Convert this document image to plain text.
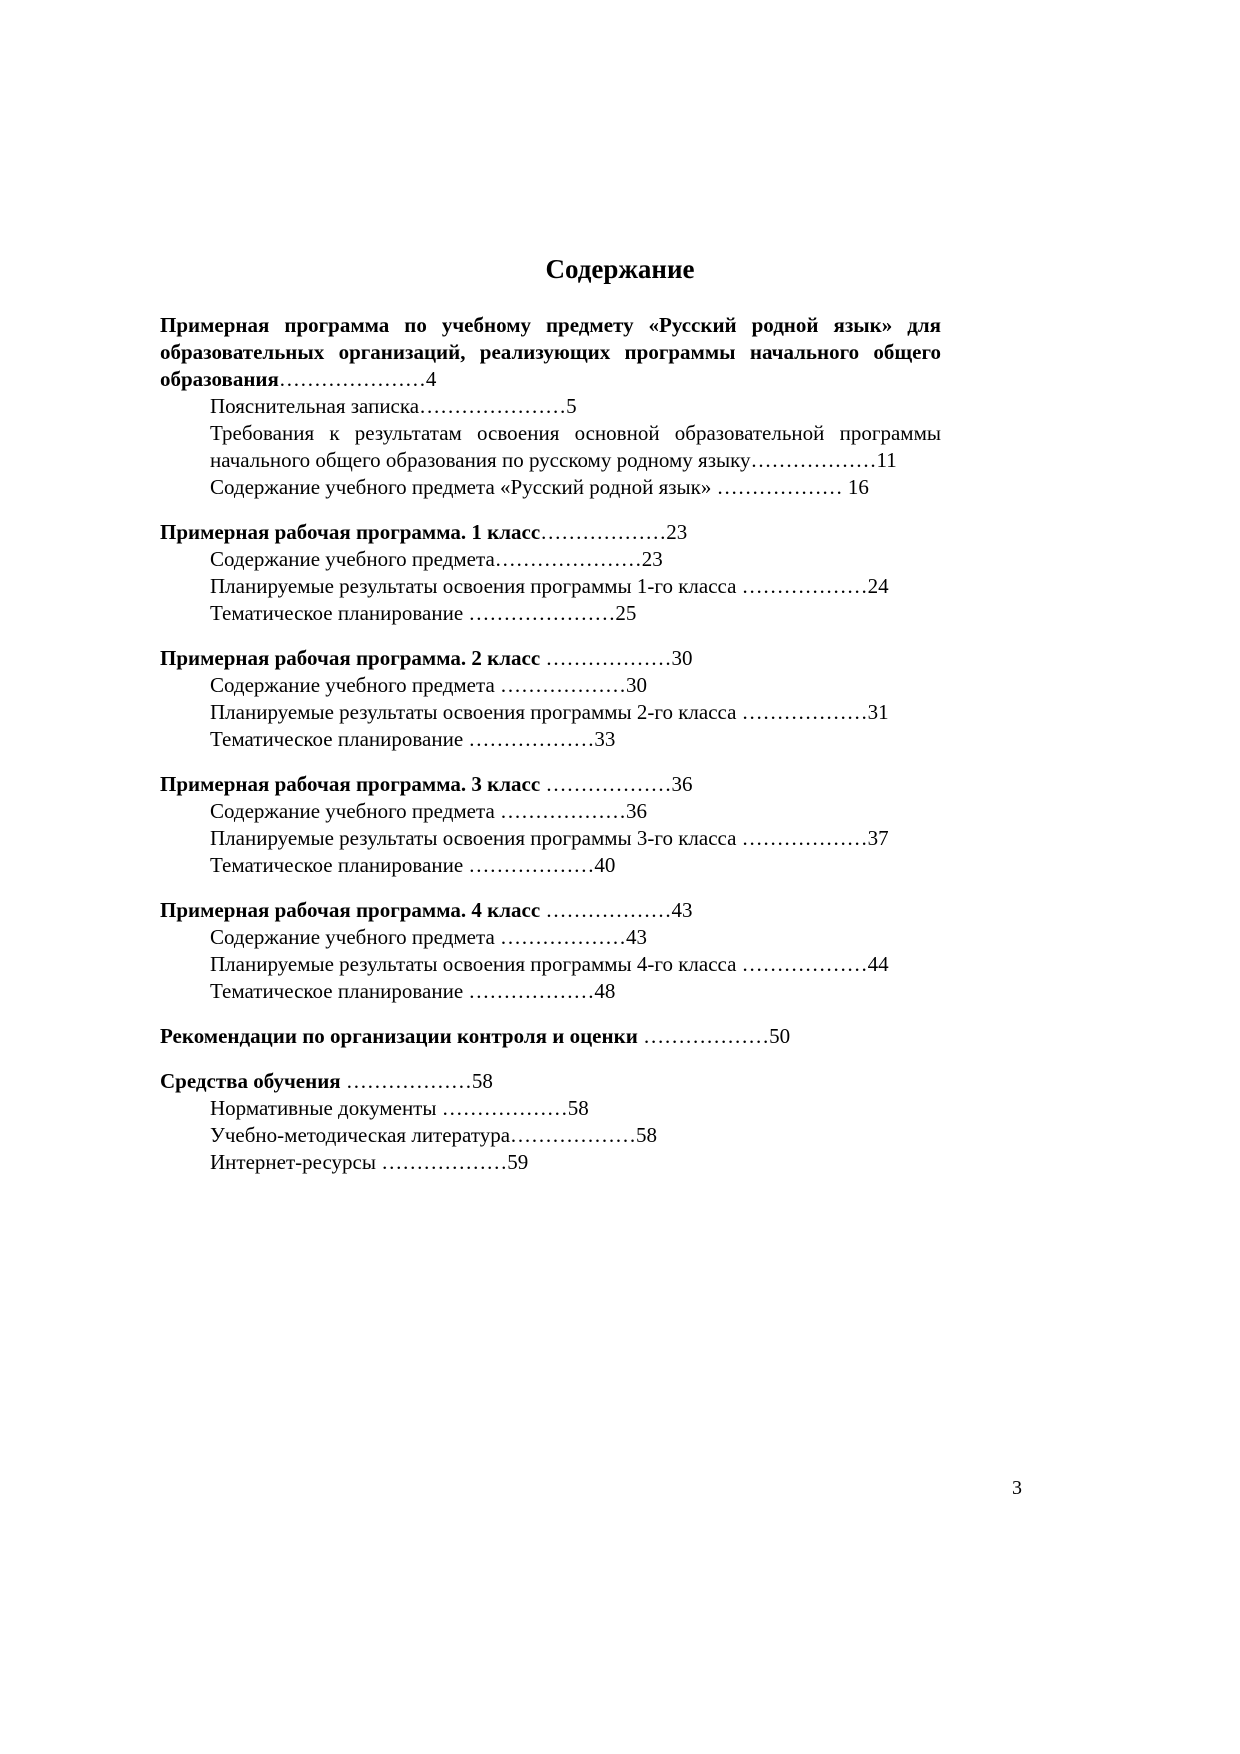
Содержание

Примерная программа по учебному предмету «Русский родной язык» для образовательных организаций, реализующих программы начального общего образования…………………4

Пояснительная записка…………………5

Требования к результатам освоения основной образовательной программы начального общего образования по русскому родному языку………………11

Содержание учебного предмета «Русский родной язык» ……………… 16

Примерная рабочая программа. 1 класс………………23

Содержание учебного предмета…………………23

Планируемые результаты освоения программы 1-го класса ………………24

Тематическое планирование …………………25

Примерная рабочая программа. 2 класс ………………30

Содержание учебного предмета ………………30

Планируемые результаты освоения программы 2-го класса ………………31

Тематическое планирование ………………33

Примерная рабочая программа. 3 класс ………………36

Содержание учебного предмета ………………36

Планируемые результаты освоения программы 3-го класса ………………37

Тематическое планирование ………………40

Примерная рабочая программа. 4 класс ………………43

Содержание учебного предмета ………………43

Планируемые результаты освоения программы 4-го класса ………………44

Тематическое планирование ………………48

Рекомендации по организации контроля и оценки ………………50

Средства обучения ………………58

Нормативные документы ………………58

Учебно-методическая литература………………58

Интернет-ресурсы ………………59

3
